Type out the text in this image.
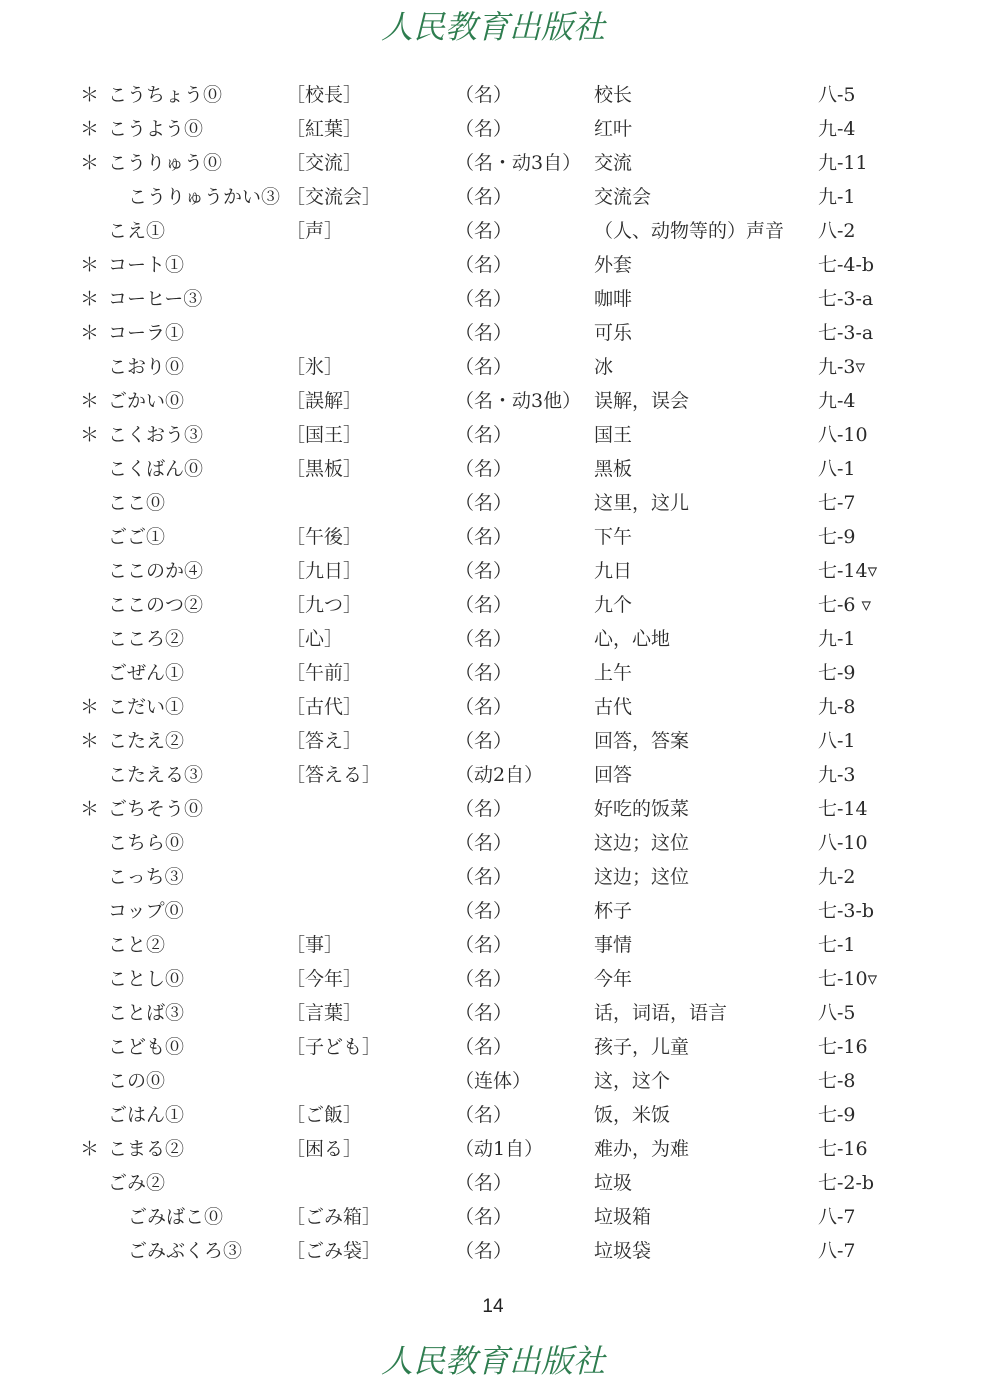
人民教育出版社
＊ こうちょう⓪	［校長］	（名）	校长	八-5
＊ こうよう⓪	［紅葉］	（名）	红叶	九-4
＊ こうりゅう⓪	［交流］	（名・动3自） 交流	九-11
こうりゅうかい③ ［交流会］	（名）	交流会	九-1
こえ①	［声］	（名）	（人、动物等的）声音 八-2
＊ コート①	（名）	外套	七-4-b
＊ コーヒー③	（名）	咖啡	七-3-a
＊ コーラ①	（名）	可乐	七-3-a
こおり⓪	［氷］	（名）	冰	九-3▿
＊ ごかい⓪	［誤解］	（名・动3他） 误解，误会	九-4
＊ こくおう③	［国王］	（名）	国王	八-10
こくばん⓪	［黒板］	（名）	黑板	八-1
ここ⓪	（名）	这里，这儿	七-7
ごご①	［午後］	（名）	下午	七-9
ここのか④	［九日］	（名）	九日	七-14▿
ここのつ②	［九つ］	（名）	九个	七-6 ▿
こころ②	［心］	（名）	心，心地	九-1
ごぜん①	［午前］	（名）	上午	七-9
＊ こだい①	［古代］	（名）	古代	九-8
＊ こたえ②	［答え］	（名）	回答，答案	八-1
こたえる③	［答える］	（动2自）	回答	九-3
＊ ごちそう⓪	（名）	好吃的饭菜	七-14
こちら⓪	（名）	这边；这位	八-10
こっち③	（名）	这边；这位	九-2
コップ⓪	（名）	杯子	七-3-b
こと②	［事］	（名）	事情	七-1
ことし⓪	［今年］	（名）	今年	七-10▿
ことば③	［言葉］	（名）	话，词语，语言	八-5
こども⓪	［子ども］	（名）	孩子，儿童	七-16
この⓪	（连体）	这，这个	七-8
ごはん①	［ご飯］	（名）	饭，米饭	七-9
＊ こまる②	［困る］	（动1自）	难办，为难	七-16
ごみ②	（名）	垃圾	七-2-b
ごみばこ⓪	［ごみ箱］	（名）	垃圾箱	八-7
ごみぶくろ③ ［ごみ袋］	（名）	垃圾袋	八-7
14
人民教育出版社
